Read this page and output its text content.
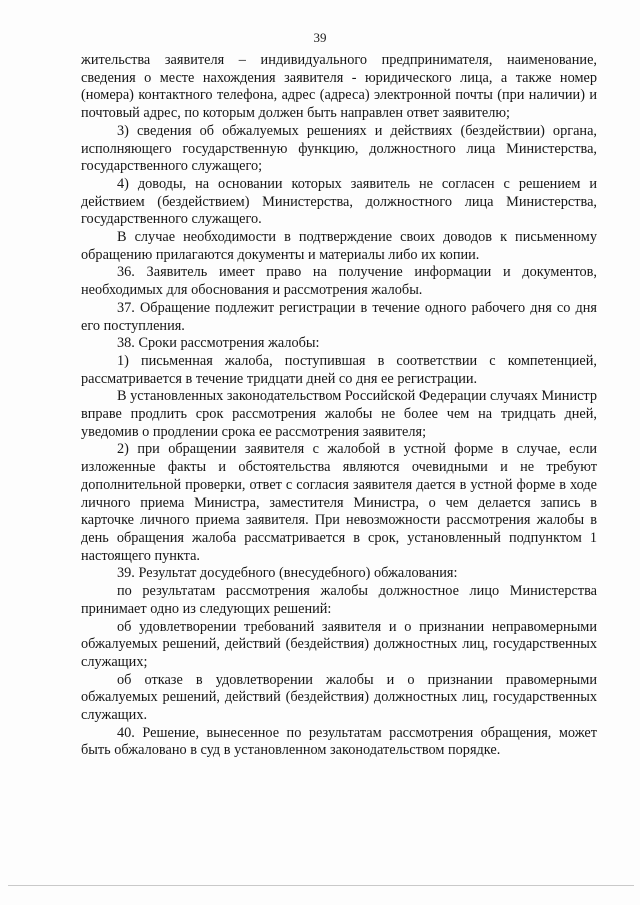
39

жительства заявителя – индивидуального предпринимателя, наименование, сведения о месте нахождения заявителя - юридического лица, а также номер (номера) контактного телефона, адрес (адреса) электронной почты (при наличии) и почтовый адрес, по которым должен быть направлен ответ заявителю;

3) сведения об обжалуемых решениях и действиях (бездействии) органа, исполняющего государственную функцию, должностного лица Министерства, государственного служащего;

4) доводы, на основании которых заявитель не согласен с решением и действием (бездействием) Министерства, должностного лица Министерства, государственного служащего.

В случае необходимости в подтверждение своих доводов к письменному обращению прилагаются документы и материалы либо их копии.

36. Заявитель имеет право на получение информации и документов, необходимых для обоснования и рассмотрения жалобы.

37. Обращение подлежит регистрации в течение одного рабочего дня со дня его поступления.

38. Сроки рассмотрения жалобы:

1) письменная жалоба, поступившая в соответствии с компетенцией, рассматривается в течение тридцати дней со дня ее регистрации.

В установленных законодательством Российской Федерации случаях Министр вправе продлить срок рассмотрения жалобы не более чем на тридцать дней, уведомив о продлении срока ее рассмотрения заявителя;

2) при обращении заявителя с жалобой в устной форме в случае, если изложенные факты и обстоятельства являются очевидными и не требуют дополнительной проверки, ответ с согласия заявителя дается в устной форме в ходе личного приема Министра, заместителя Министра, о чем делается запись в карточке личного приема заявителя. При невозможности рассмотрения жалобы в день обращения жалоба рассматривается в срок, установленный подпунктом 1 настоящего пункта.

39. Результат досудебного (внесудебного) обжалования:

по результатам рассмотрения жалобы должностное лицо Министерства принимает одно из следующих решений:

об удовлетворении требований заявителя и о признании неправомерными обжалуемых решений, действий (бездействия) должностных лиц, государственных служащих;

об отказе в удовлетворении жалобы и о признании правомерными обжалуемых решений, действий (бездействия) должностных лиц, государственных служащих.

40. Решение, вынесенное по результатам рассмотрения обращения, может быть обжаловано в суд в установленном законодательством порядке.
